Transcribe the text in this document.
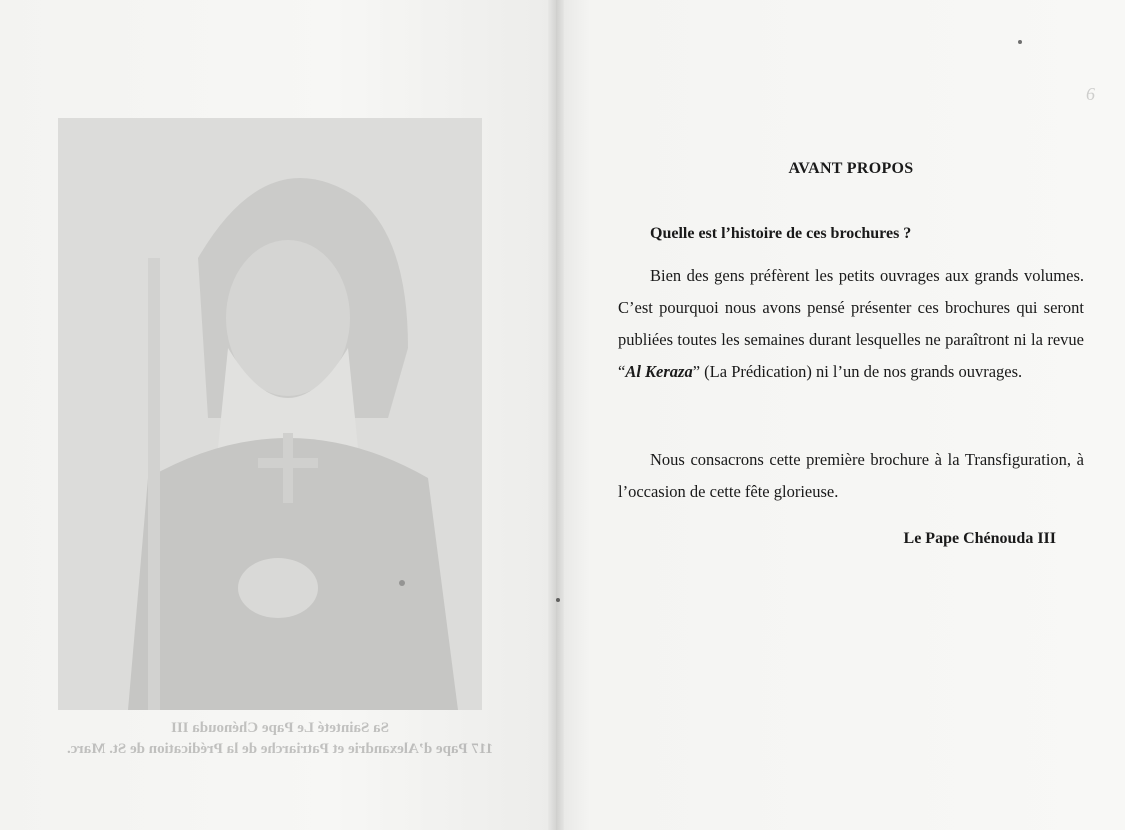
Sa Sainteté Le Pape Chénouda III
117 Pape d’Alexandrie et Patriarche de la Prédication de St. Marc.
6
AVANT PROPOS
Quelle est l’histoire de ces brochures ?
Bien des gens préfèrent les petits ouvrages aux grands volumes. C’est pourquoi nous avons pensé présenter ces brochures qui seront publiées toutes les semaines durant lesquelles ne paraîtront ni la revue “Al Keraza” (La Prédication) ni l’un de nos grands ouvrages.
Nous consacrons cette première brochure à la Transfiguration, à l’occasion de cette fête glorieuse.
Le Pape Chénouda III
